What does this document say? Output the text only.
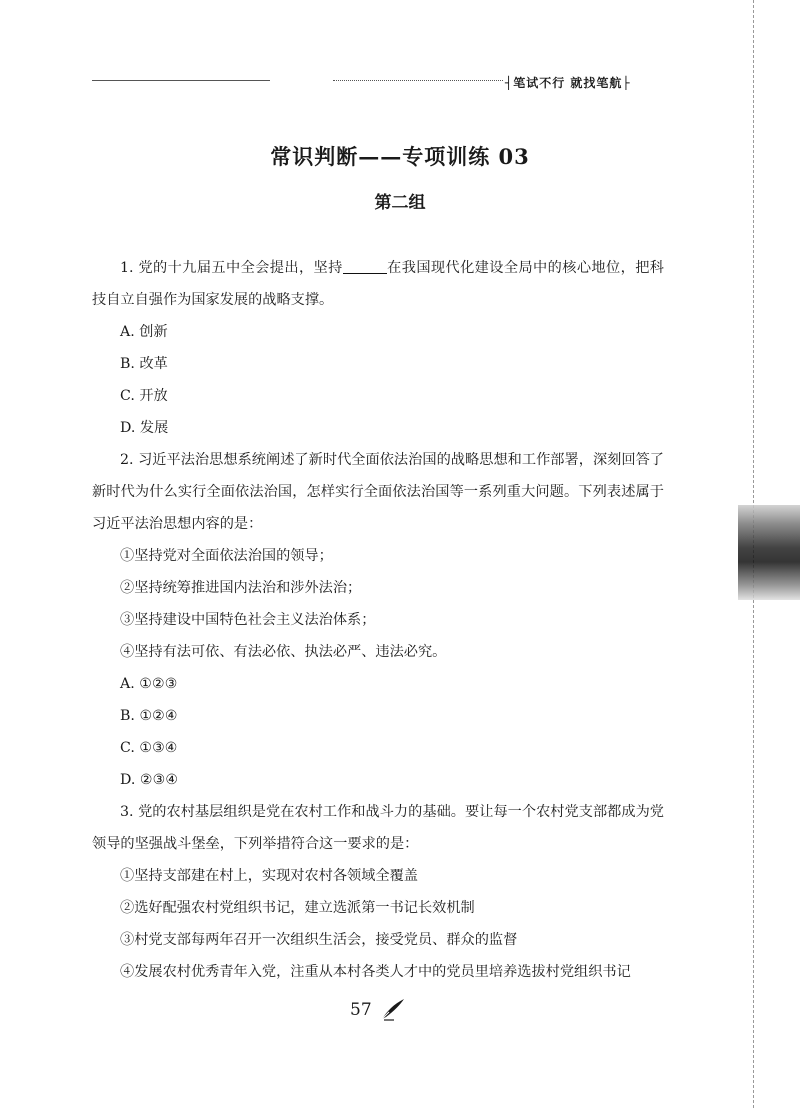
┤笔试不行 就找笔航├
常识判断——专项训练 03
第二组

1. 党的十九届五中全会提出，坚持	在我国现代化建设全局中的核心地位，把科技自立自强作为国家发展的战略支撑。

A. 创新

B. 改革

C. 开放

D. 发展

2. 习近平法治思想系统阐述了新时代全面依法治国的战略思想和工作部署，深刻回答了新时代为什么实行全面依法治国，怎样实行全面依法治国等一系列重大问题。下列表述属于习近平法治思想内容的是：

①坚持党对全面依法治国的领导；

②坚持统筹推进国内法治和涉外法治；

③坚持建设中国特色社会主义法治体系；

④坚持有法可依、有法必依、执法必严、违法必究。

A. ①②③

B. ①②④

C. ①③④

D. ②③④

3. 党的农村基层组织是党在农村工作和战斗力的基础。要让每一个农村党支部都成为党领导的坚强战斗堡垒，下列举措符合这一要求的是：

①坚持支部建在村上，实现对农村各领域全覆盖

②选好配强农村党组织书记，建立选派第一书记长效机制

③村党支部每两年召开一次组织生活会，接受党员、群众的监督

④发展农村优秀青年入党，注重从本村各类人才中的党员里培养选拔村党组织书记

57
